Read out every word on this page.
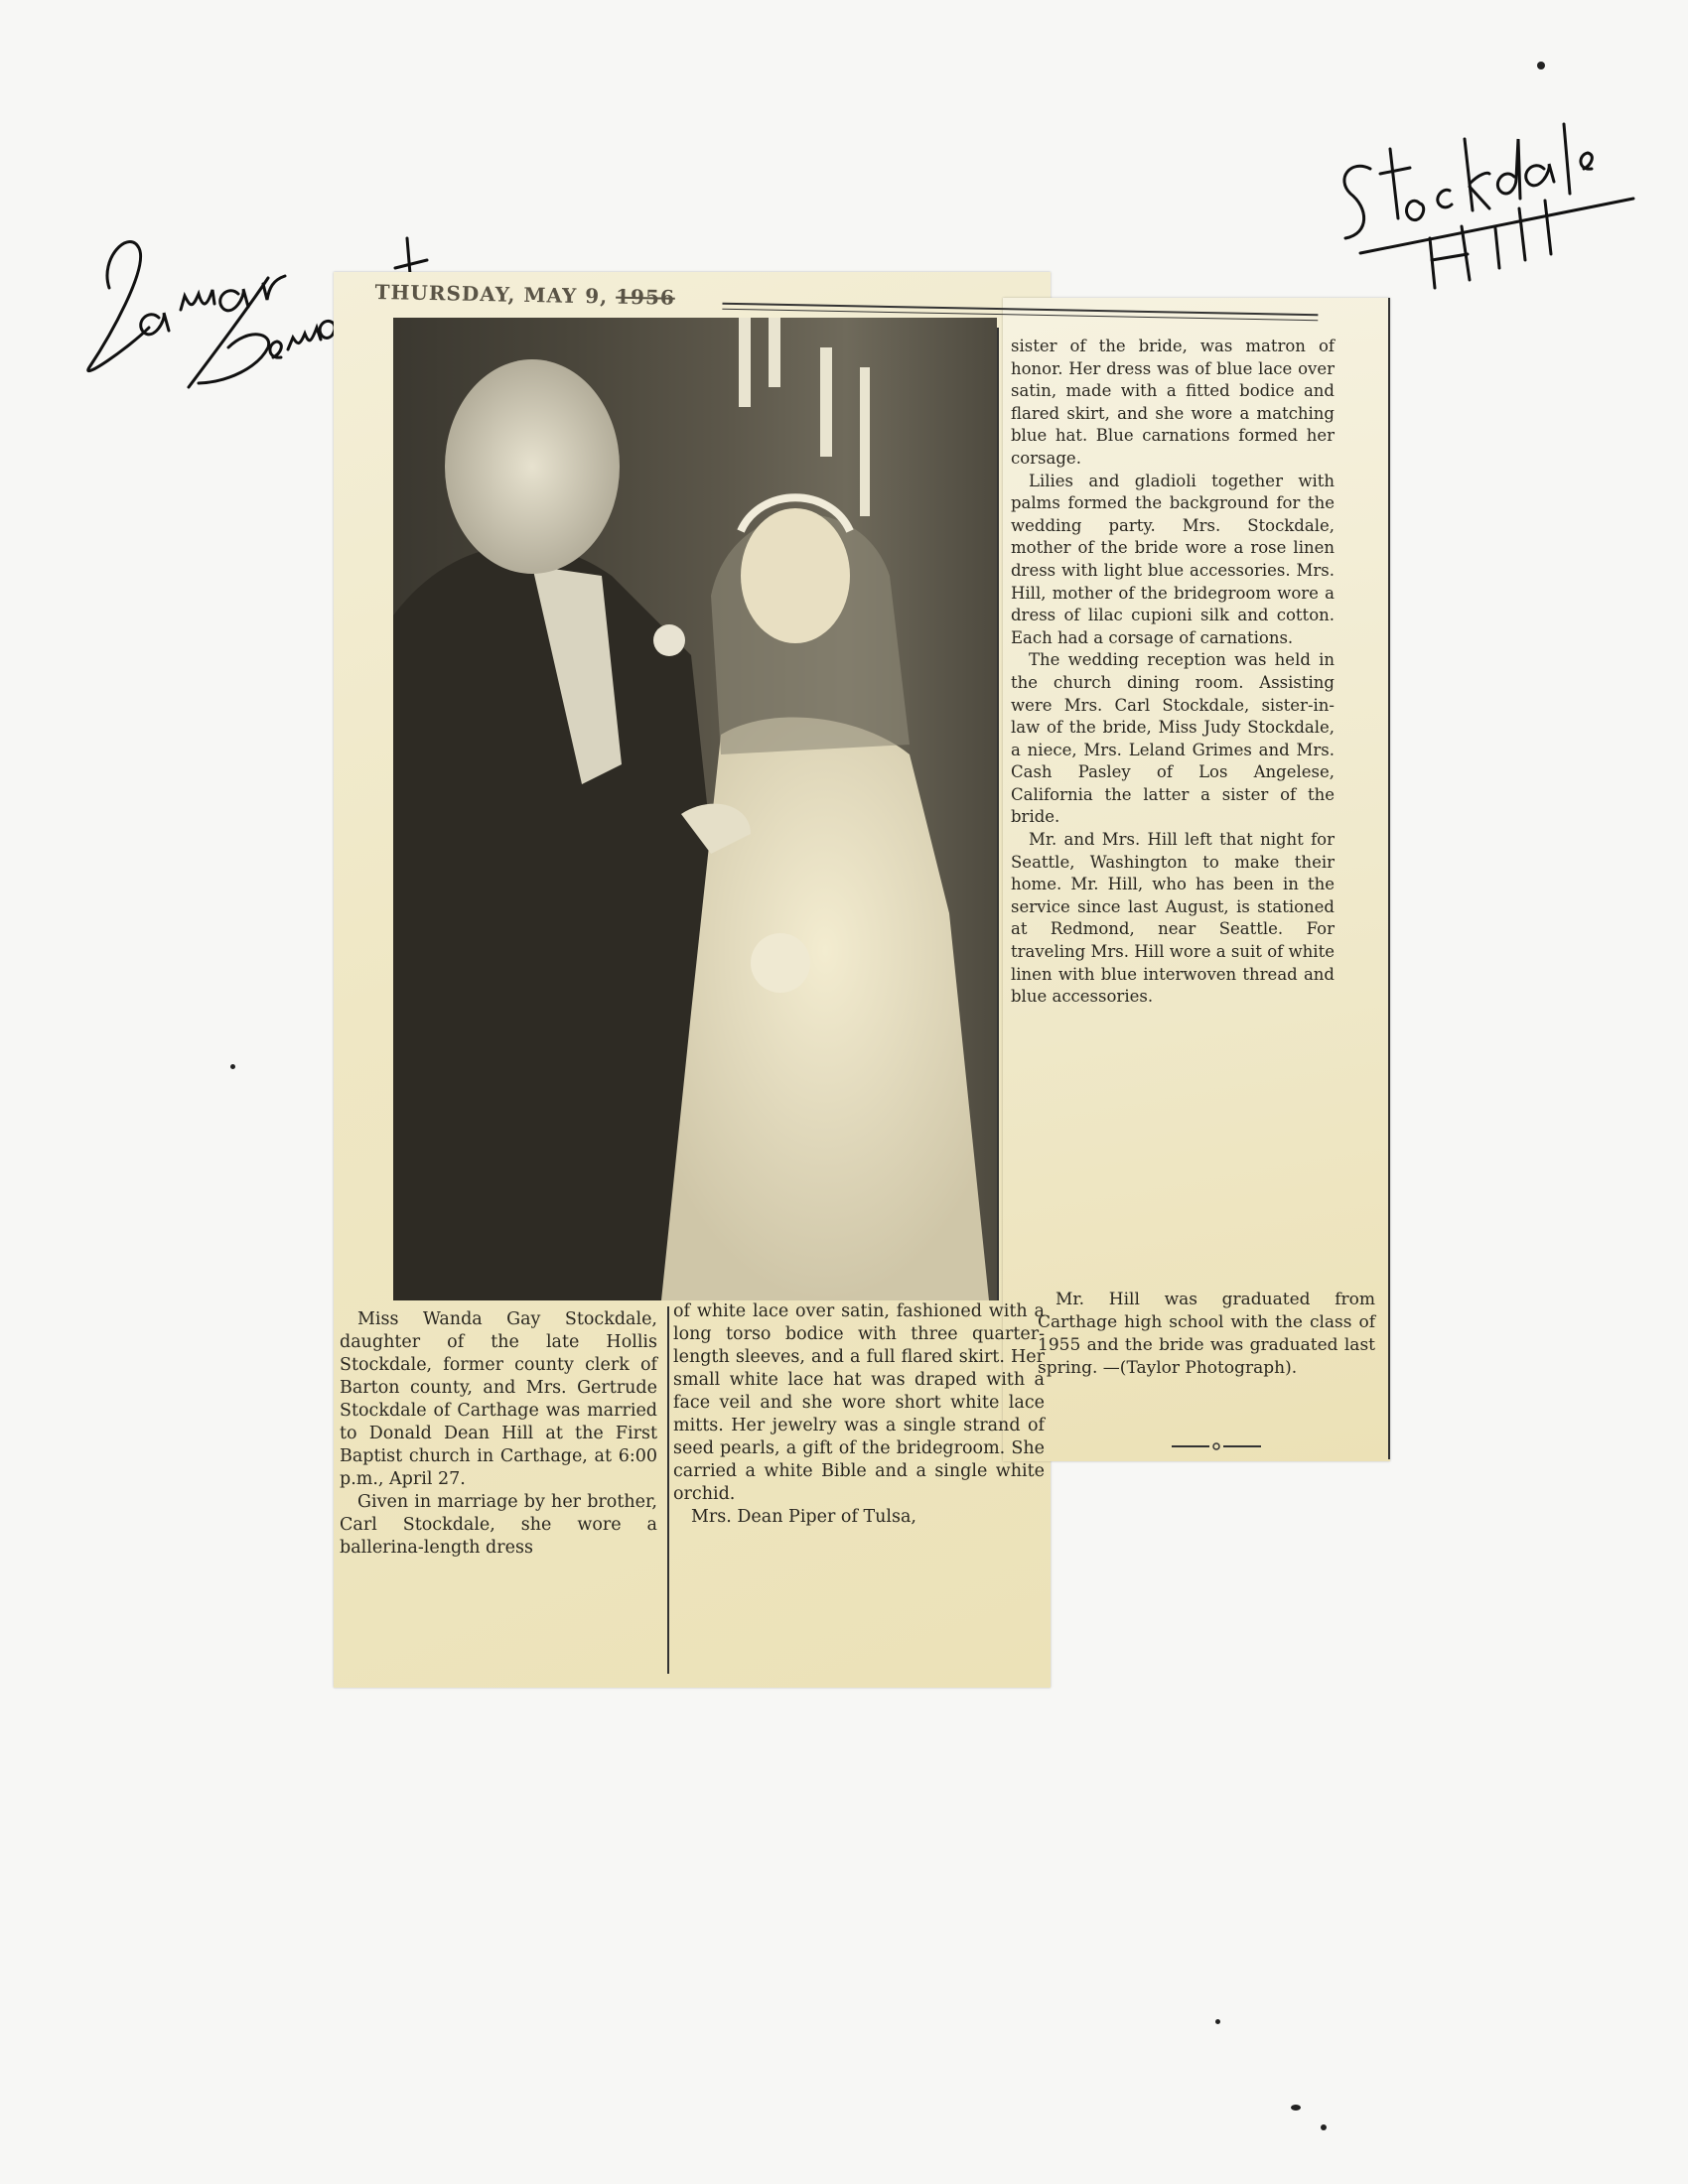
THURSDAY, MAY 9, 1956

sister of the bride, was matron of honor. Her dress was of blue lace over satin, made with a fitted bodice and flared skirt, and she wore a matching blue hat. Blue carnations formed her corsage.

Lilies and gladioli together with palms formed the background for the wedding party. Mrs. Stockdale, mother of the bride wore a rose linen dress with light blue accessories. Mrs. Hill, mother of the bridegroom wore a dress of lilac cupioni silk and cotton. Each had a corsage of carnations.

The wedding reception was held in the church dining room. Assisting were Mrs. Carl Stockdale, sister-in-law of the bride, Miss Judy Stockdale, a niece, Mrs. Leland Grimes and Mrs. Cash Pasley of Los Angelese, California the latter a sister of the bride.

Mr. and Mrs. Hill left that night for Seattle, Washington to make their home. Mr. Hill, who has been in the service since last August, is stationed at Redmond, near Seattle. For traveling Mrs. Hill wore a suit of white linen with blue interwoven thread and blue accessories.

Mr. Hill was graduated from Carthage high school with the class of 1955 and the bride was graduated last spring. —(Taylor Photograph).

Miss Wanda Gay Stockdale, daughter of the late Hollis Stockdale, former county clerk of Barton county, and Mrs. Gertrude Stockdale of Carthage was married to Donald Dean Hill at the First Baptist church in Carthage, at 6:00 p.m., April 27.

Given in marriage by her brother, Carl Stockdale, she wore a ballerina-length dress

of white lace over satin, fashioned with a long torso bodice with three quarter-length sleeves, and a full flared skirt. Her small white lace hat was draped with a face veil and she wore short white lace mitts. Her jewelry was a single strand of seed pearls, a gift of the bridegroom. She carried a white Bible and a single white orchid.

Mrs. Dean Piper of Tulsa,
